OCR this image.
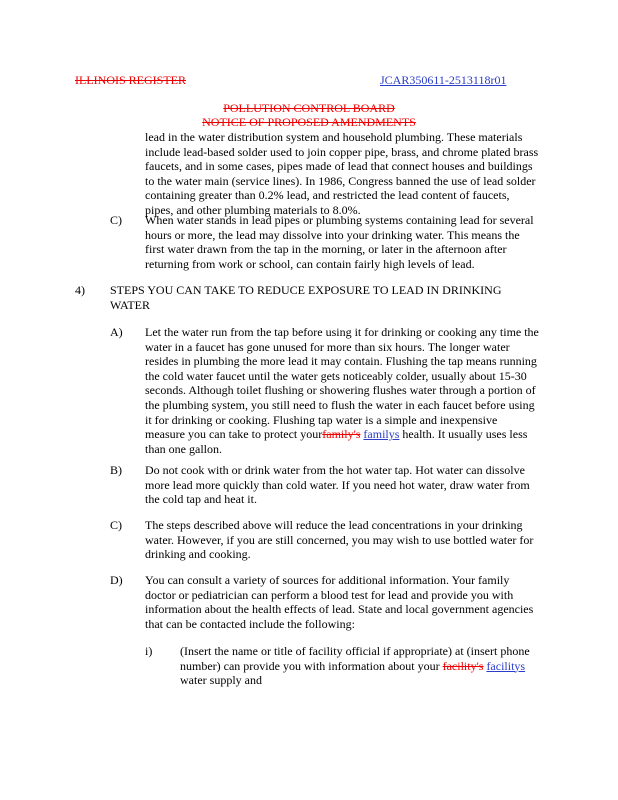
ILLINOIS REGISTER	JCAR350611-2513118r01
POLLUTION CONTROL BOARD
NOTICE OF PROPOSED AMENDMENTS
lead in the water distribution system and household plumbing. These materials
include lead-based solder used to join copper pipe, brass, and chrome plated brass
faucets, and in some cases, pipes made of lead that connect houses and buildings
to the water main (service lines). In 1986, Congress banned the use of lead solder
containing greater than 0.2% lead, and restricted the lead content of faucets,
pipes, and other plumbing materials to 8.0%.
C) When water stands in lead pipes or plumbing systems containing lead for several
hours or more, the lead may dissolve into your drinking water. This means the
first water drawn from the tap in the morning, or later in the afternoon after
returning from work or school, can contain fairly high levels of lead.
4) STEPS YOU CAN TAKE TO REDUCE EXPOSURE TO LEAD IN DRINKING
WATER
A) Let the water run from the tap before using it for drinking or cooking any time the
water in a faucet has gone unused for more than six hours. The longer water
resides in plumbing the more lead it may contain. Flushing the tap means running
the cold water faucet until the water gets noticeably colder, usually about 15-30
seconds. Although toilet flushing or showering flushes water through a portion of
the plumbing system, you still need to flush the water in each faucet before using
it for drinking or cooking. Flushing tap water is a simple and inexpensive
measure you can take to protect yourfamily's familys health. It usually uses less
than one gallon.
B) Do not cook with or drink water from the hot water tap. Hot water can dissolve
more lead more quickly than cold water. If you need hot water, draw water from
the cold tap and heat it.
C) The steps described above will reduce the lead concentrations in your drinking
water. However, if you are still concerned, you may wish to use bottled water for
drinking and cooking.
D) You can consult a variety of sources for additional information. Your family
doctor or pediatrician can perform a blood test for lead and provide you with
information about the health effects of lead. State and local government agencies
that can be contacted include the following:
i) (Insert the name or title of facility official if appropriate) at (insert phone
number) can provide you with information about your facility's facilitys
water supply and
